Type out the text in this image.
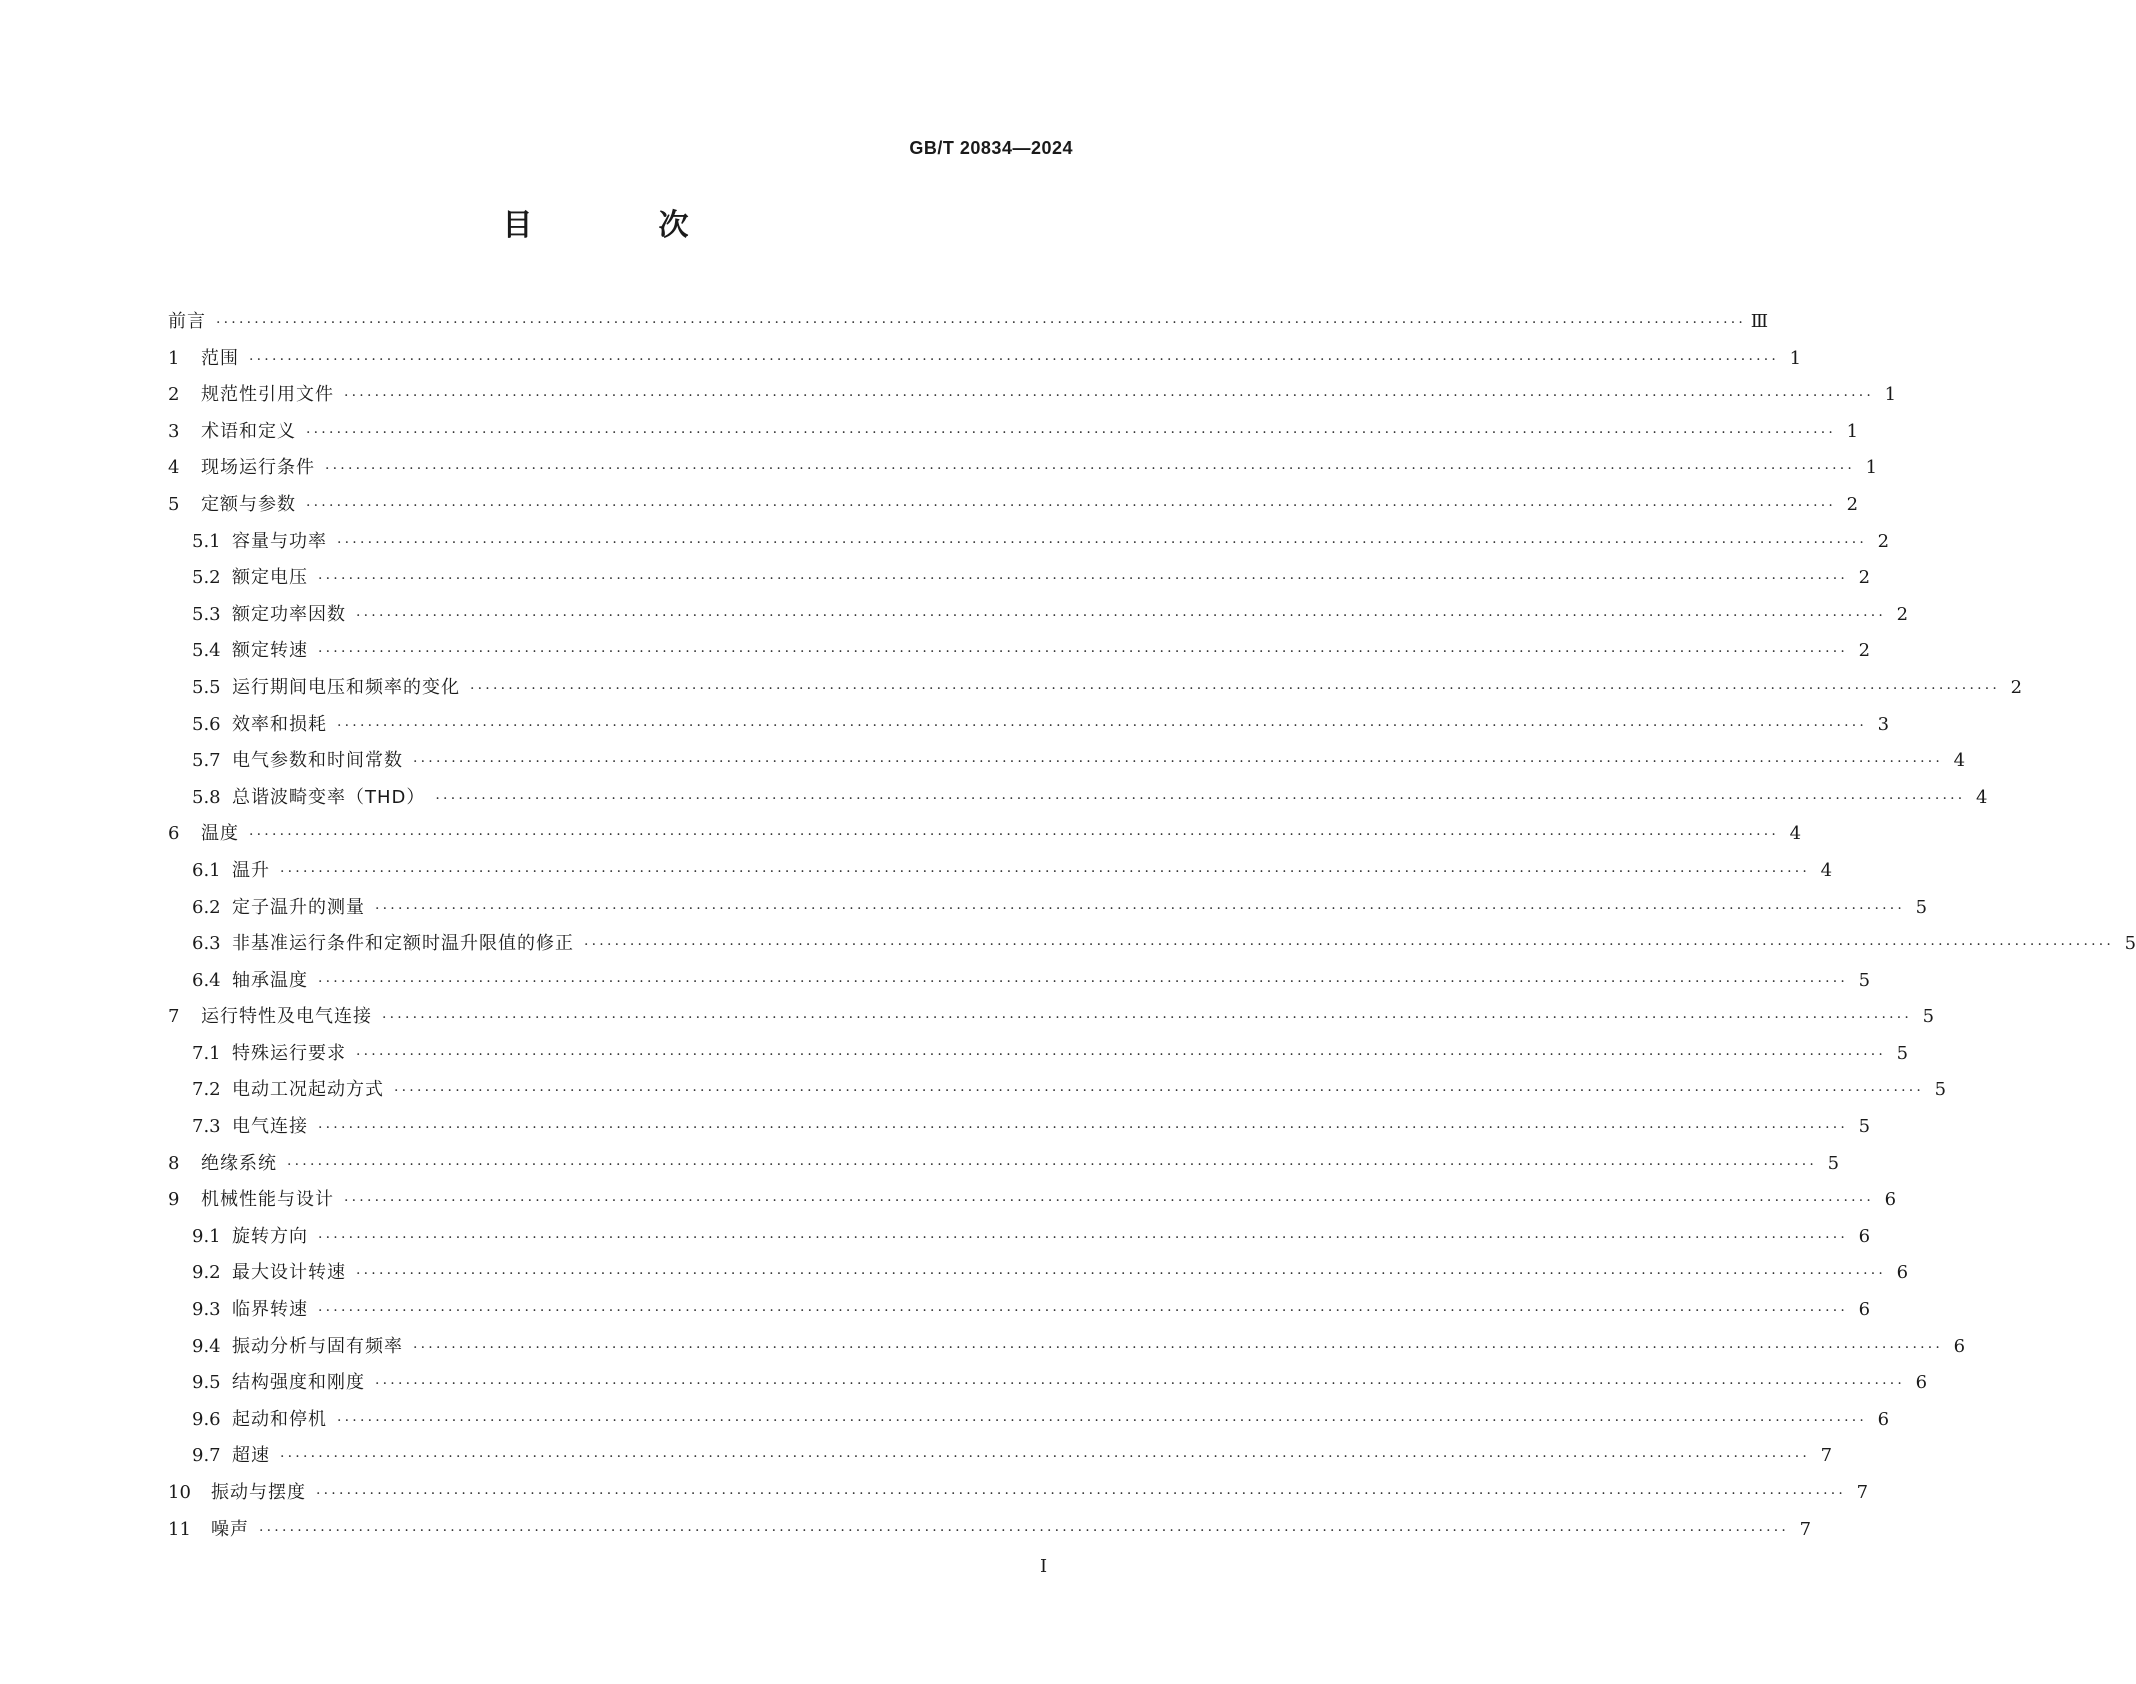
GB/T 20834—2024
目　次
前言 ········································································································································································································ Ⅲ
1	范围 ········································································································································································································ 1
2	规范性引用文件 ········································································································································································································ 1
3	术语和定义 ········································································································································································································ 1
4	现场运行条件 ········································································································································································································ 1
5	定额与参数 ········································································································································································································ 2
5.1 容量与功率 ········································································································································································································ 2
5.2 额定电压 ········································································································································································································ 2
5.3 额定功率因数 ········································································································································································································ 2
5.4 额定转速 ········································································································································································································ 2
5.5 运行期间电压和频率的变化 ········································································································································································································ 2
5.6 效率和损耗 ········································································································································································································ 3
5.7 电气参数和时间常数 ········································································································································································································ 4
5.8 总谐波畸变率（THD） ········································································································································································································ 4
6	温度 ········································································································································································································ 4
6.1 温升 ········································································································································································································ 4
6.2 定子温升的测量 ········································································································································································································ 5
6.3 非基准运行条件和定额时温升限值的修正 ········································································································································································································ 5
6.4 轴承温度 ········································································································································································································ 5
7	运行特性及电气连接 ········································································································································································································ 5
7.1 特殊运行要求 ········································································································································································································ 5
7.2 电动工况起动方式 ········································································································································································································ 5
7.3 电气连接 ········································································································································································································ 5
8	绝缘系统 ········································································································································································································ 5
9	机械性能与设计 ········································································································································································································ 6
9.1 旋转方向 ········································································································································································································ 6
9.2 最大设计转速 ········································································································································································································ 6
9.3 临界转速 ········································································································································································································ 6
9.4 振动分析与固有频率 ········································································································································································································ 6
9.5 结构强度和刚度 ········································································································································································································ 6
9.6 起动和停机 ········································································································································································································ 6
9.7 超速 ········································································································································································································ 7
10	振动与摆度 ········································································································································································································ 7
11	噪声 ········································································································································································································ 7
Ⅰ
